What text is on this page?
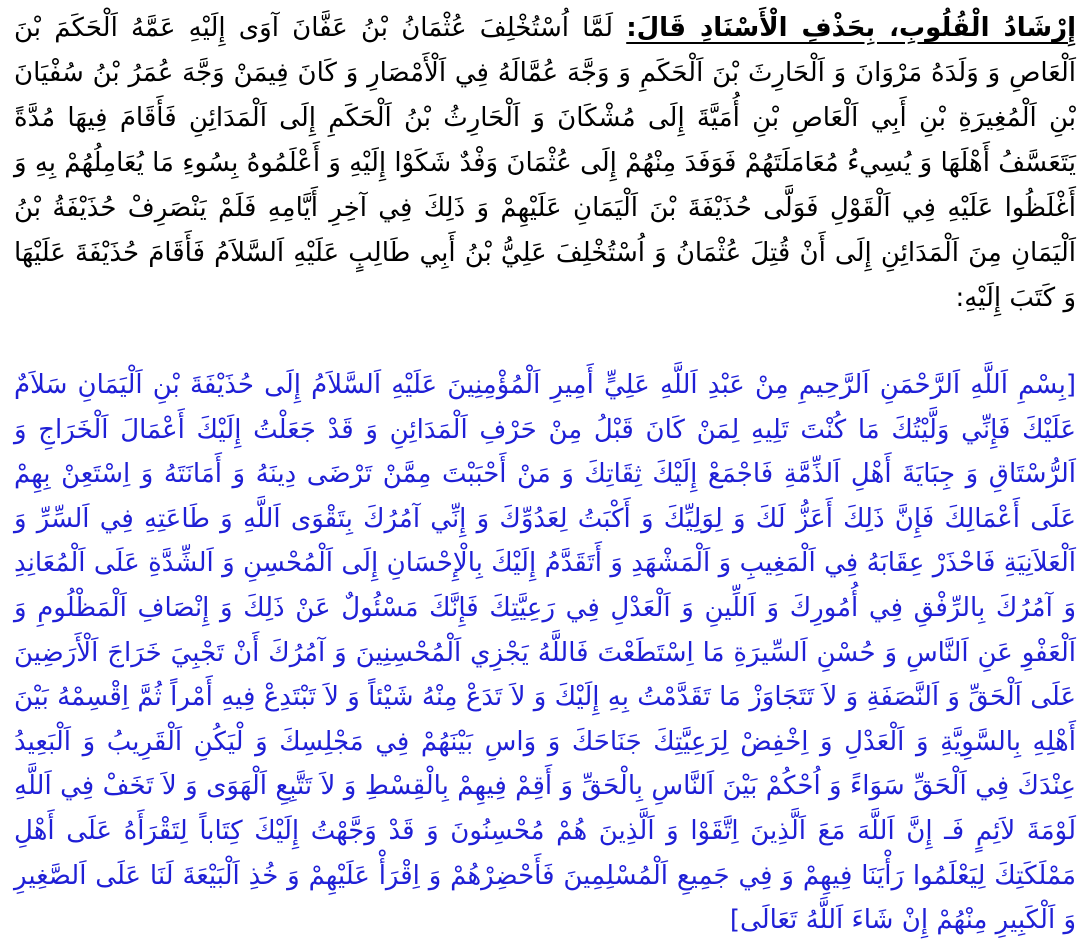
إِرْشَادُ الْقُلُوبِ، بِحَذْفِ الْأَسْنَادِ قَالَ: لَمَّا اُسْتُخْلِفَ عُثْمَانُ بْنُ عَفَّانَ آوَى إِلَيْهِ عَمَّهُ اَلْحَكَمَ بْنَ اَلْعَاصِ وَ وَلَدَهُ مَرْوَانَ وَ اَلْحَارِثَ بْنَ اَلْحَكَمِ وَ وَجَّهَ عُمَّالَهُ فِي اَلْأَمْصَارِ وَ كَانَ فِيمَنْ وَجَّهَ عُمَرُ بْنُ سُفْيَانَ بْنِ اَلْمُغِيرَةِ بْنِ أَبِي اَلْعَاصِ بْنِ أُمَيَّةَ إِلَى مُشْكَانَ وَ اَلْحَارِثُ بْنُ اَلْحَكَمِ إِلَى اَلْمَدَائِنِ فَأَقَامَ فِيهَا مُدَّةً يَتَعَسَّفُ أَهْلَهَا وَ يُسِيءُ مُعَامَلَتَهُمْ فَوَفَدَ مِنْهُمْ إِلَى عُثْمَانَ وَفْدٌ شَكَوْا إِلَيْهِ وَ أَعْلَمُوهُ بِسُوءِ مَا يُعَامِلُهُمْ بِهِ وَ أَغْلَظُوا عَلَيْهِ فِي اَلْقَوْلِ فَوَلَّى حُذَيْفَةَ بْنَ اَلْيَمَانِ عَلَيْهِمْ وَ ذَلِكَ فِي آخِرِ أَيَّامِهِ فَلَمْ يَنْصَرِفْ حُذَيْفَةُ بْنُ اَلْيَمَانِ مِنَ اَلْمَدَائِنِ إِلَى أَنْ قُتِلَ عُثْمَانُ وَ اُسْتُخْلِفَ عَلِيُّ بْنُ أَبِي طَالِبٍ عَلَيْهِ اَلسَّلاَمُ فَأَقَامَ حُذَيْفَةَ عَلَيْهَا وَ كَتَبَ إِلَيْهِ:

[بِسْمِ اَللَّهِ اَلرَّحْمَنِ اَلرَّحِيمِ مِنْ عَبْدِ اَللَّهِ عَلِيٍّ أَمِيرِ اَلْمُؤْمِنِينَ عَلَيْهِ اَلسَّلاَمُ إِلَى حُذَيْفَةَ بْنِ اَلْيَمَانِ سَلاَمٌ عَلَيْكَ فَإِنِّي وَلَّيْتُكَ مَا كُنْتَ تَلِيهِ لِمَنْ كَانَ قَبْلُ مِنْ حَرْفِ اَلْمَدَائِنِ وَ قَدْ جَعَلْتُ إِلَيْكَ أَعْمَالَ اَلْخَرَاجِ وَ اَلرُّسْتَاقِ وَ جِبَايَةَ أَهْلِ اَلذِّمَّةِ فَاجْمَعْ إِلَيْكَ ثِقَاتِكَ وَ مَنْ أَحْبَبْتَ مِمَّنْ تَرْضَى دِينَهُ وَ أَمَانَتَهُ وَ اِسْتَعِنْ بِهِمْ عَلَى أَعْمَالِكَ فَإِنَّ ذَلِكَ أَعَزُّ لَكَ وَ لِوَلِيِّكَ وَ أَكْبَتُ لِعَدُوِّكَ وَ إِنِّي آمُرُكَ بِتَقْوَى اَللَّهِ وَ طَاعَتِهِ فِي اَلسِّرِّ وَ اَلْعَلاَنِيَةِ فَاحْذَرْ عِقَابَهُ فِي اَلْمَغِيبِ وَ اَلْمَشْهَدِ وَ أَتَقَدَّمُ إِلَيْكَ بِالْإِحْسَانِ إِلَى اَلْمُحْسِنِ وَ اَلشِّدَّةِ عَلَى اَلْمُعَانِدِ وَ آمُرُكَ بِالرِّفْقِ فِي أُمُورِكَ وَ اَللِّينِ وَ اَلْعَدْلِ فِي رَعِيَّتِكَ فَإِنَّكَ مَسْئُولٌ عَنْ ذَلِكَ وَ إِنْصَافِ اَلْمَظْلُومِ وَ اَلْعَفْوِ عَنِ اَلنَّاسِ وَ حُسْنِ اَلسِّيرَةِ مَا اِسْتَطَعْتَ فَاللَّهُ يَجْزِي اَلْمُحْسِنِينَ وَ آمُرُكَ أَنْ تَجْبِيَ خَرَاجَ اَلْأَرَضِينَ عَلَى اَلْحَقِّ وَ اَلنَّصَفَةِ وَ لاَ تَتَجَاوَزْ مَا تَقَدَّمْتُ بِهِ إِلَيْكَ وَ لاَ تَدَعْ مِنْهُ شَيْئاً وَ لاَ تَبْتَدِعْ فِيهِ أَمْراً ثُمَّ اِقْسِمْهُ بَيْنَ أَهْلِهِ بِالسَّوِيَّةِ وَ اَلْعَدْلِ وَ اِخْفِضْ لِرَعِيَّتِكَ جَنَاحَكَ وَ وَاسِ بَيْنَهُمْ فِي مَجْلِسِكَ وَ لْيَكُنِ اَلْقَرِيبُ وَ اَلْبَعِيدُ عِنْدَكَ فِي اَلْحَقِّ سَوَاءً وَ اُحْكُمْ بَيْنَ اَلنَّاسِ بِالْحَقِّ وَ أَقِمْ فِيهِمْ بِالْقِسْطِ وَ لاَ تَتَّبِعِ اَلْهَوَى وَ لاَ تَخَفْ فِي اَللَّهِ لَوْمَةَ لاَئِمٍ فَـ إِنَّ اَللَّهَ مَعَ اَلَّذِينَ اِتَّقَوْا وَ اَلَّذِينَ هُمْ مُحْسِنُونَ وَ قَدْ وَجَّهْتُ إِلَيْكَ كِتَاباً لِتَقْرَأَهُ عَلَى أَهْلِ مَمْلَكَتِكَ لِيَعْلَمُوا رَأْيَنَا فِيهِمْ وَ فِي جَمِيعِ اَلْمُسْلِمِينَ فَأَحْضِرْهُمْ وَ اِقْرَأْ عَلَيْهِمْ وَ خُذِ اَلْبَيْعَةَ لَنَا عَلَى اَلصَّغِيرِ وَ اَلْكَبِيرِ مِنْهُمْ إِنْ شَاءَ اَللَّهُ تَعَالَى]
